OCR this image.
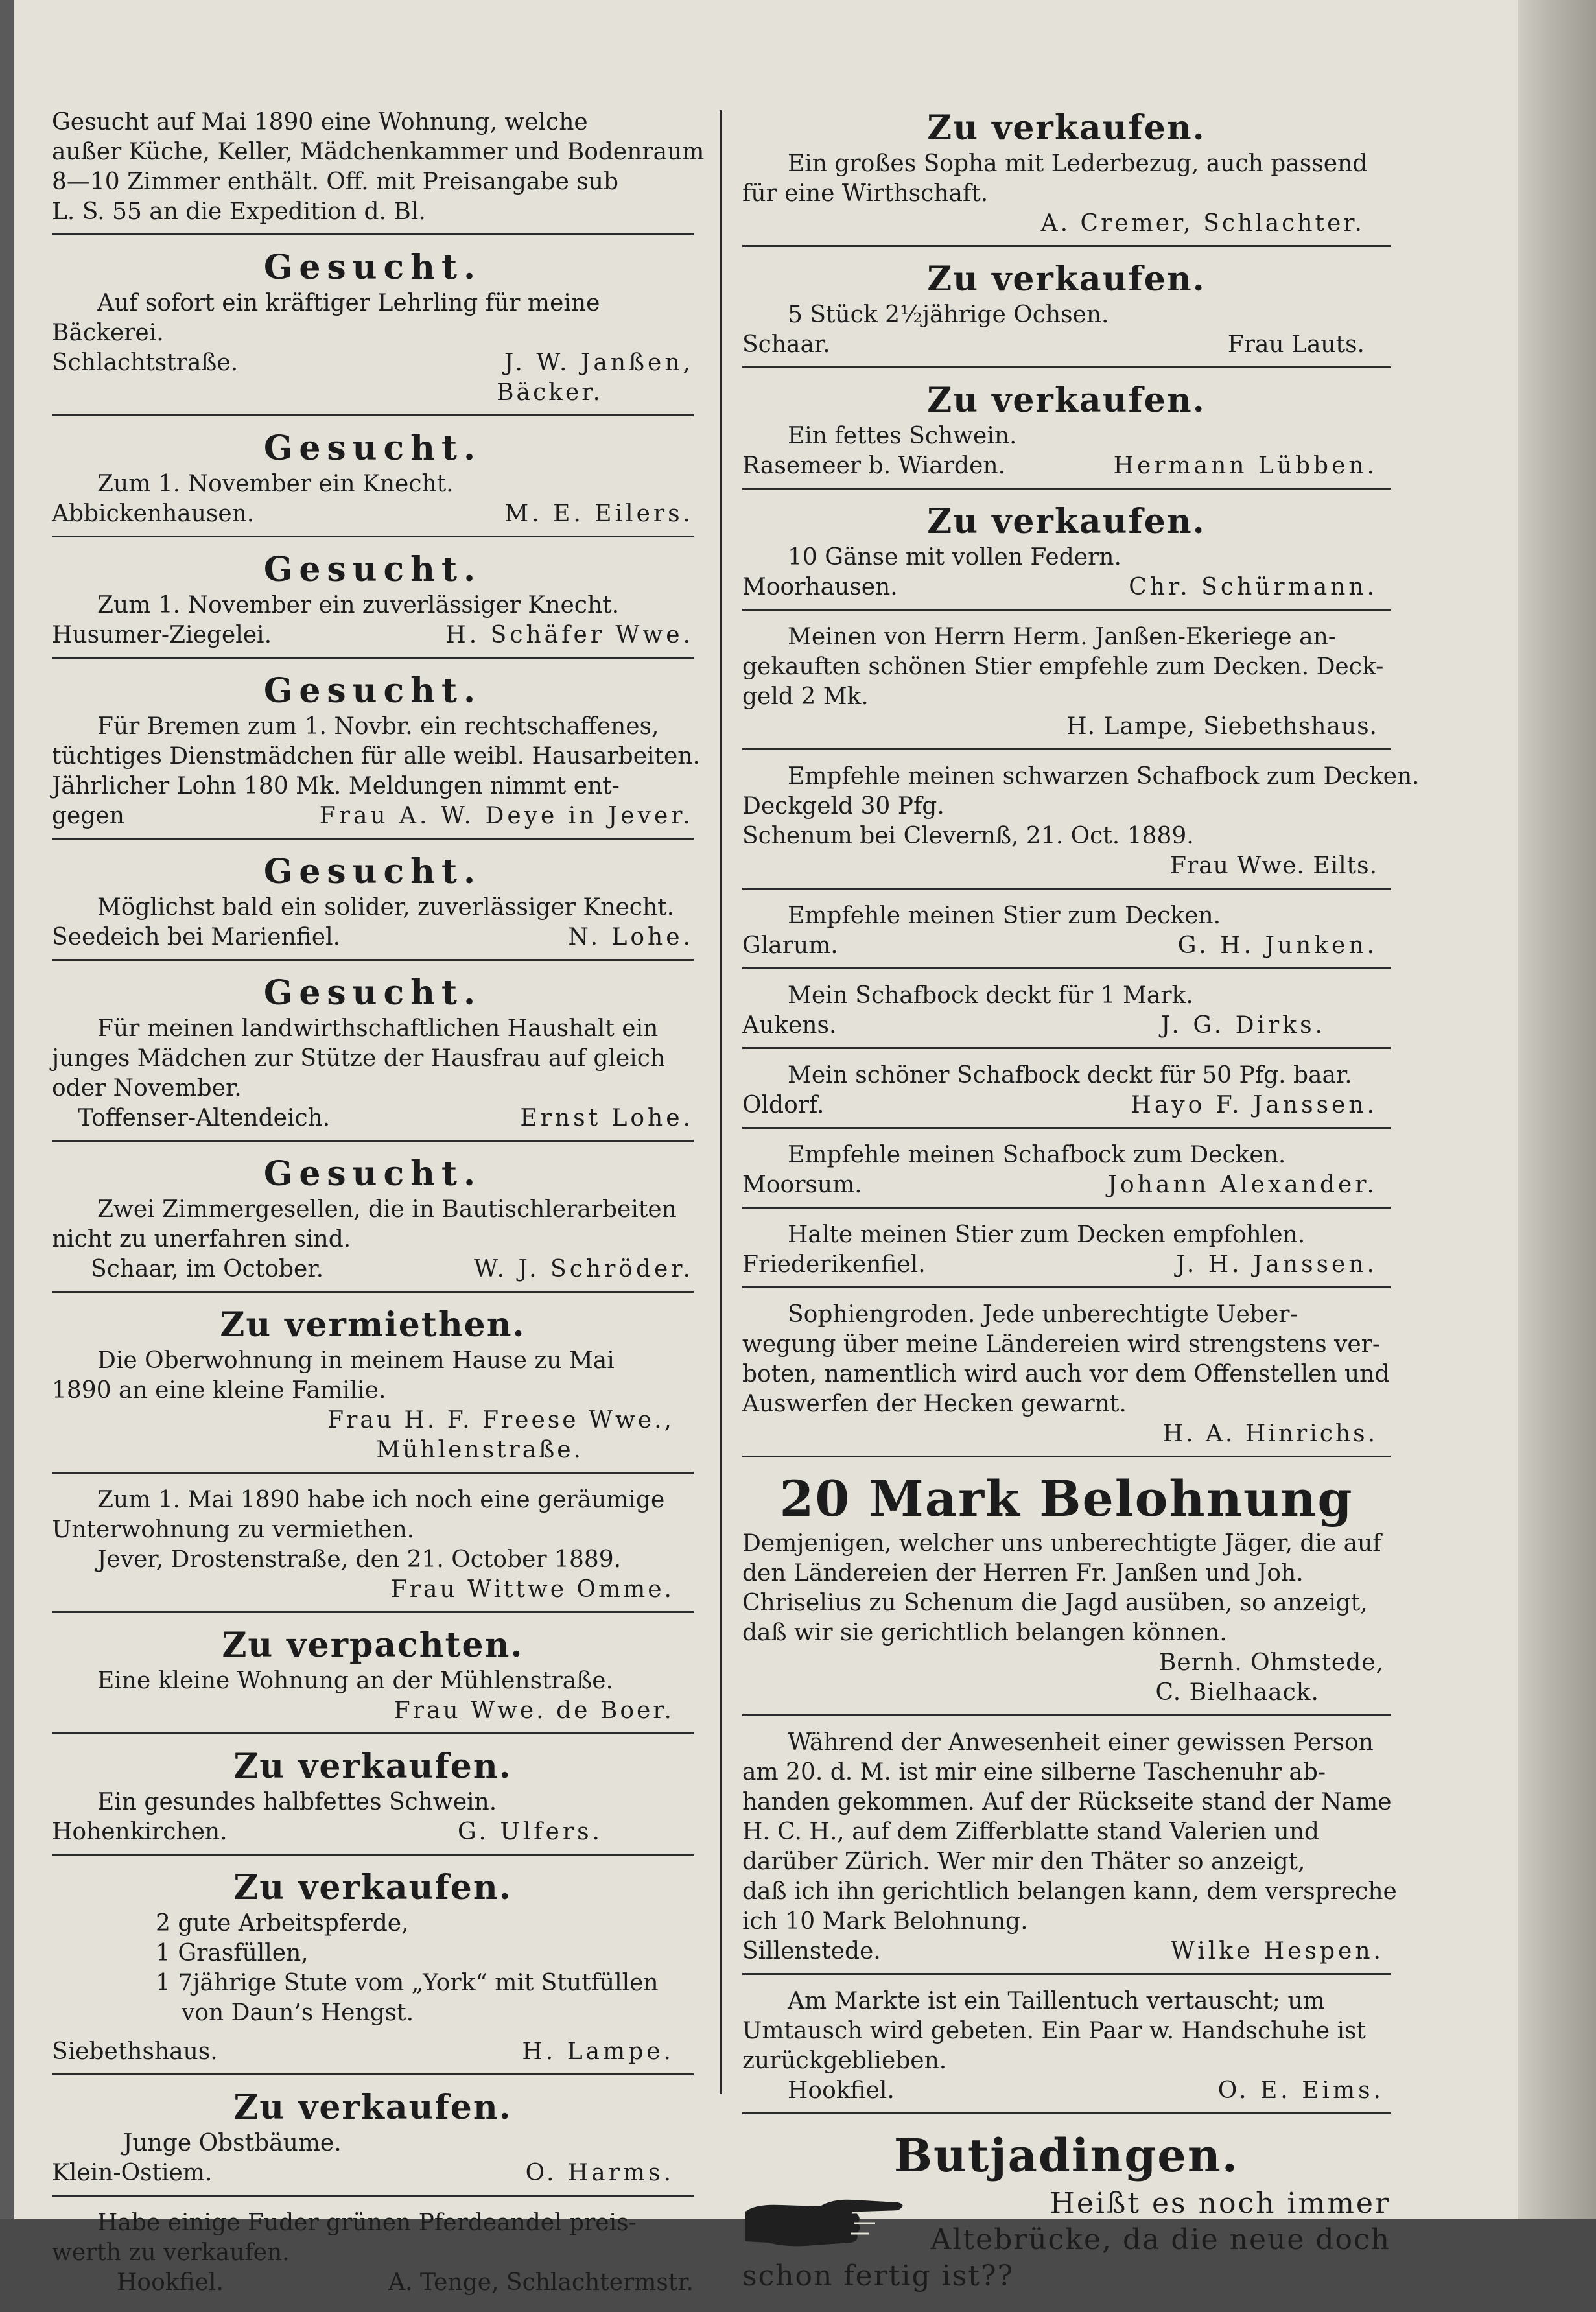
Gesucht auf Mai 1890 eine Wohnung, welche
außer Küche, Keller, Mädchenkammer und Bodenraum
8—10 Zimmer enthält. Off. mit Preisangabe sub
L. S. 55 an die Expedition d. Bl.
Gesucht.
Auf sofort ein kräftiger Lehrling für meine
Bäckerei.
Schlachtstraße.	J. W. Janßen,
Bäcker.
Gesucht.
Zum 1. November ein Knecht.
Abbickenhausen.	M. E. Eilers.
Gesucht.
Zum 1. November ein zuverlässiger Knecht.
Husumer-Ziegelei.	H. Schäfer Wwe.
Gesucht.
Für Bremen zum 1. Novbr. ein rechtschaffenes,
tüchtiges Dienstmädchen für alle weibl. Hausarbeiten.
Jährlicher Lohn 180 Mk. Meldungen nimmt ent-
gegen	Frau A. W. Deye in Jever.
Gesucht.
Möglichst bald ein solider, zuverlässiger Knecht.
Seedeich bei Marienfiel.	N. Lohe.
Gesucht.
Für meinen landwirthschaftlichen Haushalt ein
junges Mädchen zur Stütze der Hausfrau auf gleich
oder November.
Toffenser-Altendeich.	Ernst Lohe.
Gesucht.
Zwei Zimmergesellen, die in Bautischlerarbeiten
nicht zu unerfahren sind.
Schaar, im October.	W. J. Schröder.
Zu vermiethen.
Die Oberwohnung in meinem Hause zu Mai
1890 an eine kleine Familie.
Frau H. F. Freese Wwe.,
Mühlenstraße.
Zum 1. Mai 1890 habe ich noch eine geräumige
Unterwohnung zu vermiethen.
Jever, Drostenstraße, den 21. October 1889.
Frau Wittwe Omme.
Zu verpachten.
Eine kleine Wohnung an der Mühlenstraße.
Frau Wwe. de Boer.
Zu verkaufen.
Ein gesundes halbfettes Schwein.
Hohenkirchen.	G. Ulfers.
Zu verkaufen.
2 gute Arbeitspferde,
1 Grasfüllen,
1 7jährige Stute vom „York“ mit Stutfüllen
von Daun’s Hengst.
Siebethshaus.	H. Lampe.
Zu verkaufen.
Junge Obstbäume.
Klein-Ostiem.	O. Harms.
Habe einige Fuder grünen Pferdeandel preis-
werth zu verkaufen.
Hookfiel.	A. Tenge, Schlachtermstr.
Zu verkaufen.
Ein großes Sopha mit Lederbezug, auch passend
für eine Wirthschaft.
A. Cremer, Schlachter.
Zu verkaufen.
5 Stück 2½jährige Ochsen.
Schaar.	Frau Lauts.
Zu verkaufen.
Ein fettes Schwein.
Rasemeer b. Wiarden.	Hermann Lübben.
Zu verkaufen.
10 Gänse mit vollen Federn.
Moorhausen.	Chr. Schürmann.
Meinen von Herrn Herm. Janßen-Ekeriege an-
gekauften schönen Stier empfehle zum Decken. Deck-
geld 2 Mk.
H. Lampe, Siebethshaus.
Empfehle meinen schwarzen Schafbock zum Decken.
Deckgeld 30 Pfg.
Schenum bei Clevernß, 21. Oct. 1889.
Frau Wwe. Eilts.
Empfehle meinen Stier zum Decken.
Glarum.	G. H. Junken.
Mein Schafbock deckt für 1 Mark.
Aukens.	J. G. Dirks.
Mein schöner Schafbock deckt für 50 Pfg. baar.
Oldorf.	Hayo F. Janssen.
Empfehle meinen Schafbock zum Decken.
Moorsum.	Johann Alexander.
Halte meinen Stier zum Decken empfohlen.
Friederikenfiel.	J. H. Janssen.
Sophiengroden. Jede unberechtigte Ueber-
wegung über meine Ländereien wird strengstens ver-
boten, namentlich wird auch vor dem Offenstellen und
Auswerfen der Hecken gewarnt.
H. A. Hinrichs.
20 Mark Belohnung
Demjenigen, welcher uns unberechtigte Jäger, die auf
den Ländereien der Herren Fr. Janßen und Joh.
Chriselius zu Schenum die Jagd ausüben, so anzeigt,
daß wir sie gerichtlich belangen können.
Bernh. Ohmstede,
C. Bielhaack.
Während der Anwesenheit einer gewissen Person
am 20. d. M. ist mir eine silberne Taschenuhr ab-
handen gekommen. Auf der Rückseite stand der Name
H. C. H., auf dem Zifferblatte stand Valerien und
darüber Zürich. Wer mir den Thäter so anzeigt,
daß ich ihn gerichtlich belangen kann, dem verspreche
ich 10 Mark Belohnung.
Sillenstede.	Wilke Hespen.
Am Markte ist ein Taillentuch vertauscht; um
Umtausch wird gebeten. Ein Paar w. Handschuhe ist
zurückgeblieben.
Hookfiel.	O. E. Eims.
Butjadingen.
Heißt es noch immer
Altebrücke, da die neue doch
schon fertig ist??
